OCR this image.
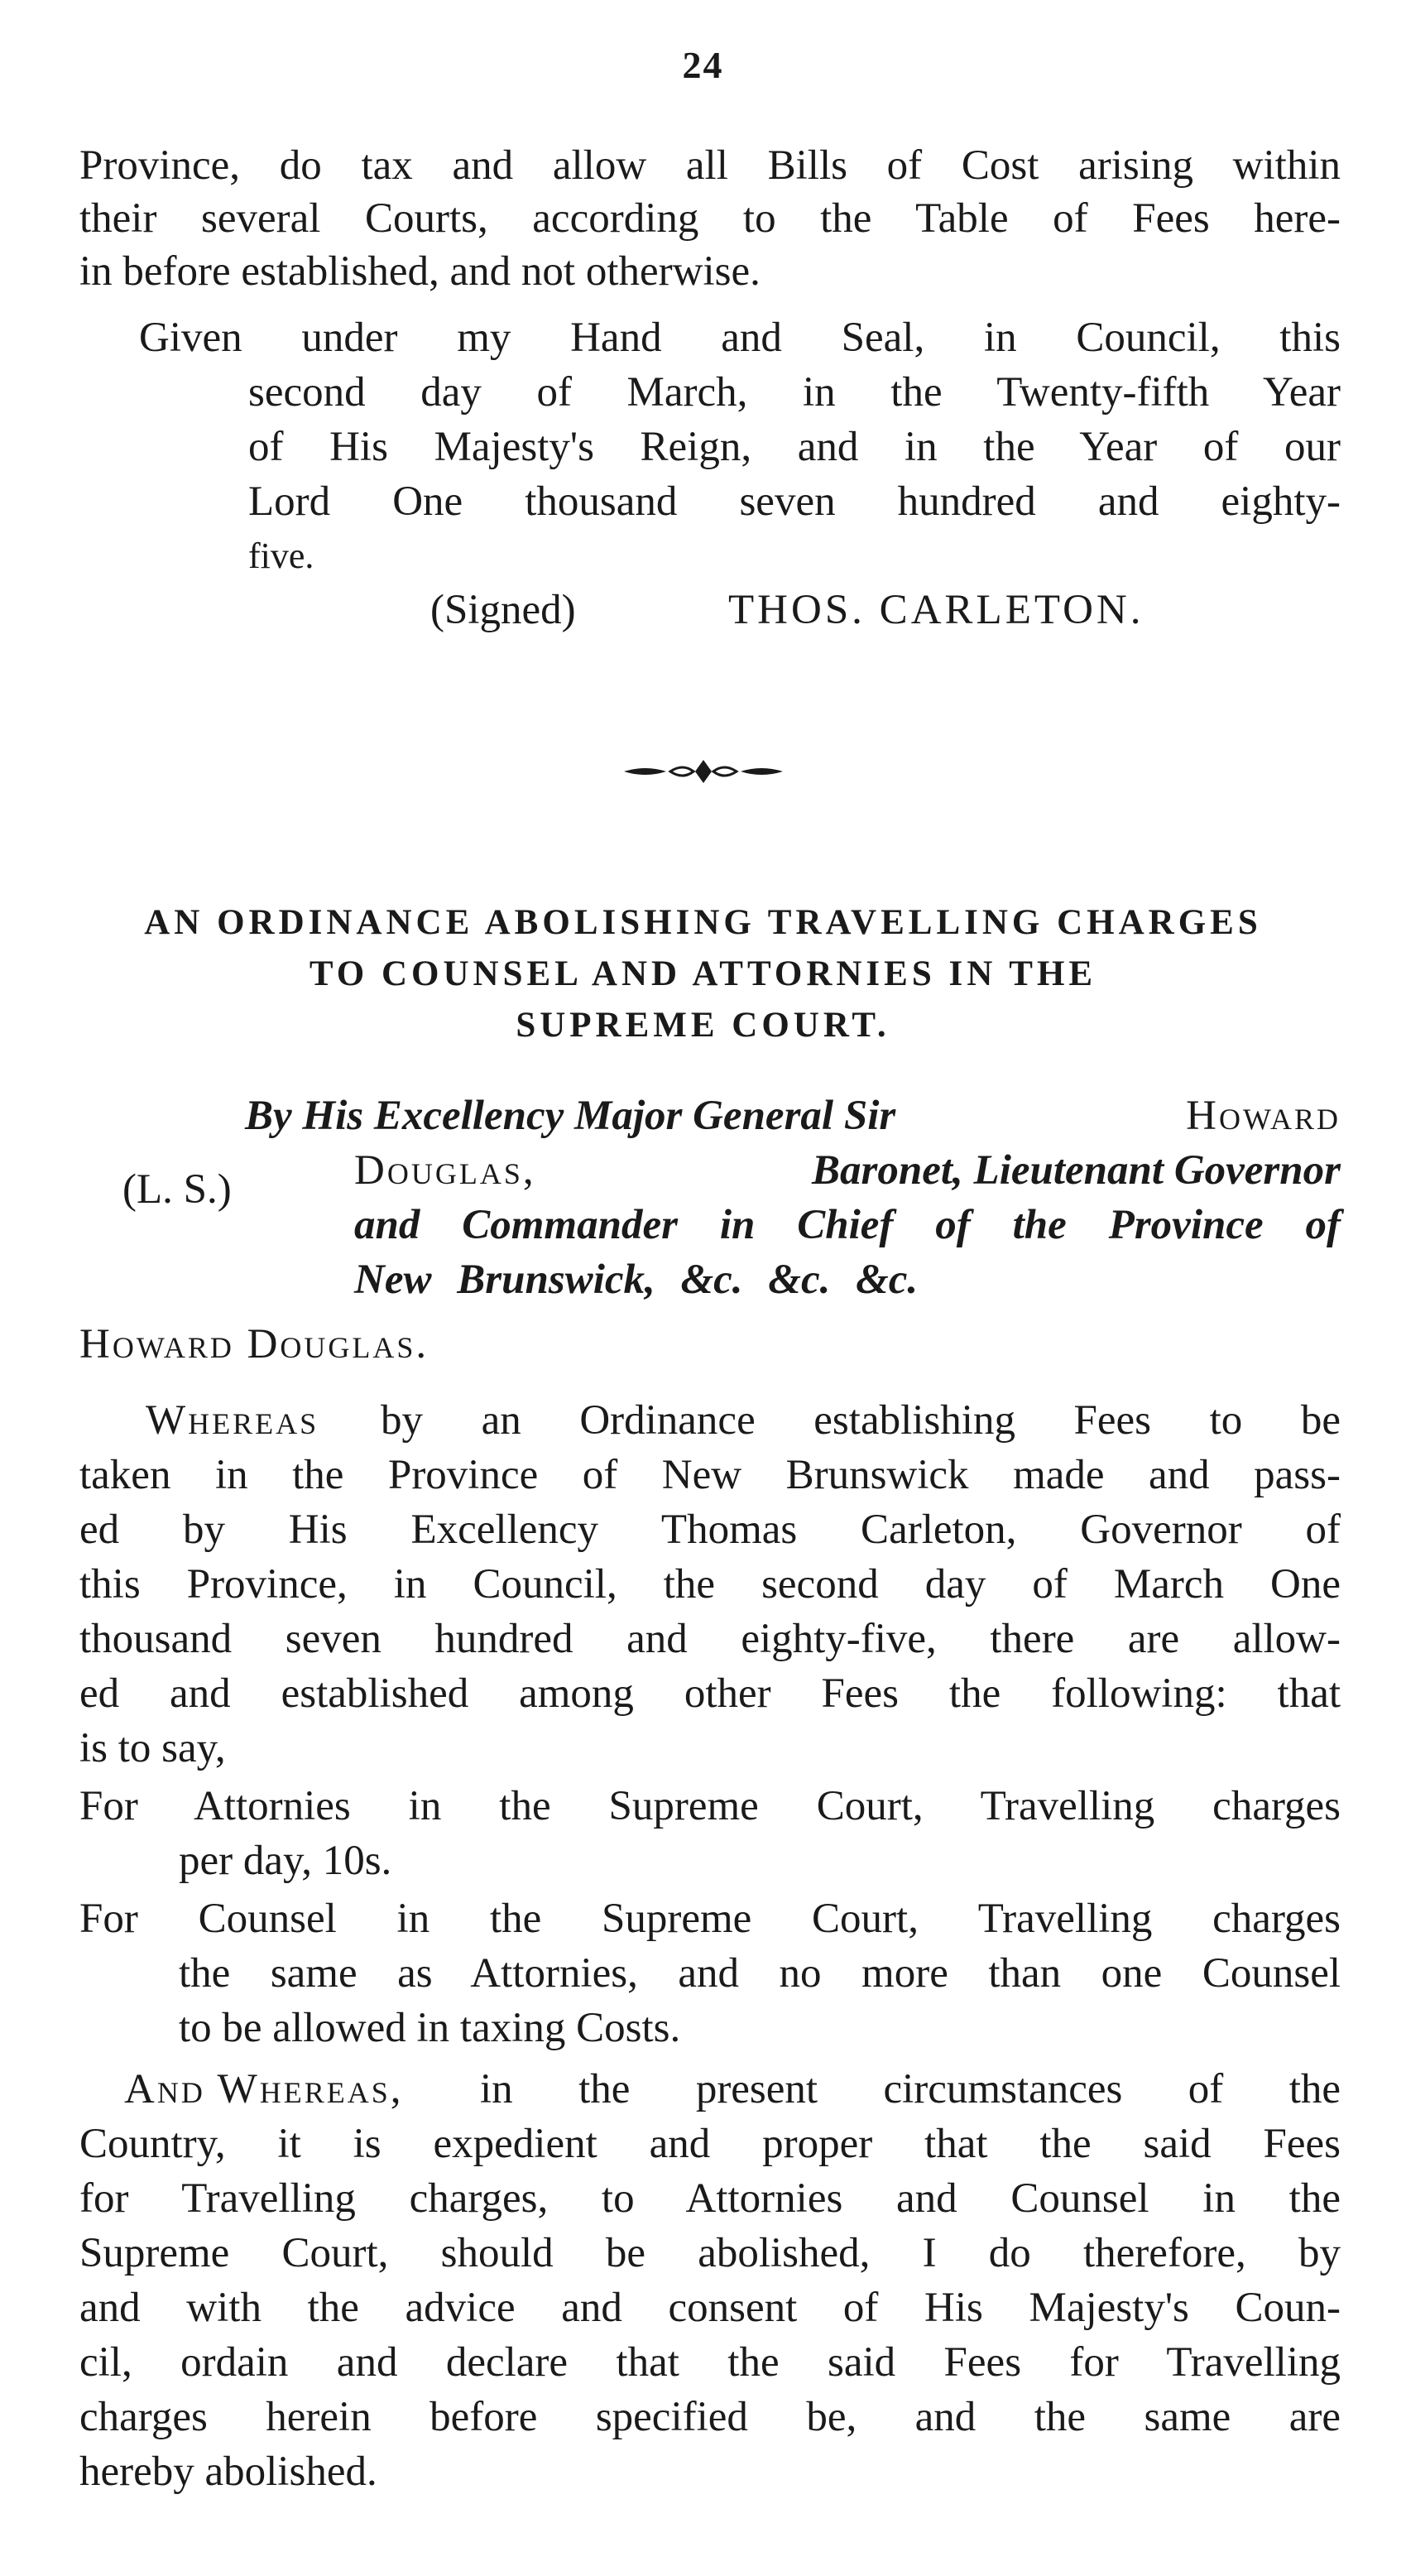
24
Province, do tax and allow all Bills of Cost arising within
their several Courts, according to the Table of Fees here-
in before established, and not otherwise.
Given under my Hand and Seal, in Council, this
second day of March, in the Twenty-fifth Year
of His Majesty's Reign, and in the Year of our
Lord One thousand seven hundred and eighty-
five.
(Signed)	THOS. CARLETON.
AN ORDINANCE ABOLISHING TRAVELLING CHARGES
TO COUNSEL AND ATTORNIES IN THE
SUPREME COURT.
By His Excellency Major General Sir	Howard
(L. S.)	Douglas,	Baronet, Lieutenant Governor
and Commander in Chief of the Province of
New Brunswick, &c. &c. &c.
Howard Douglas.
Whereas by an Ordinance establishing Fees to be
taken in the Province of New Brunswick made and pass-
ed by His Excellency Thomas Carleton, Governor of
this Province, in Council, the second day of March One
thousand seven hundred and eighty-five, there are allow-
ed and established among other Fees the following: that
is to say,
For Attornies in the Supreme Court, Travelling charges
per day, 10s.
For Counsel in the Supreme Court, Travelling charges
the same as Attornies, and no more than one Counsel
to be allowed in taxing Costs.
And Whereas, in the present circumstances of the
Country, it is expedient and proper that the said Fees
for Travelling charges, to Attornies and Counsel in the
Supreme Court, should be abolished, I do therefore, by
and with the advice and consent of His Majesty's Coun-
cil, ordain and declare that the said Fees for Travelling
charges herein before specified be, and the same are
hereby abolished.
